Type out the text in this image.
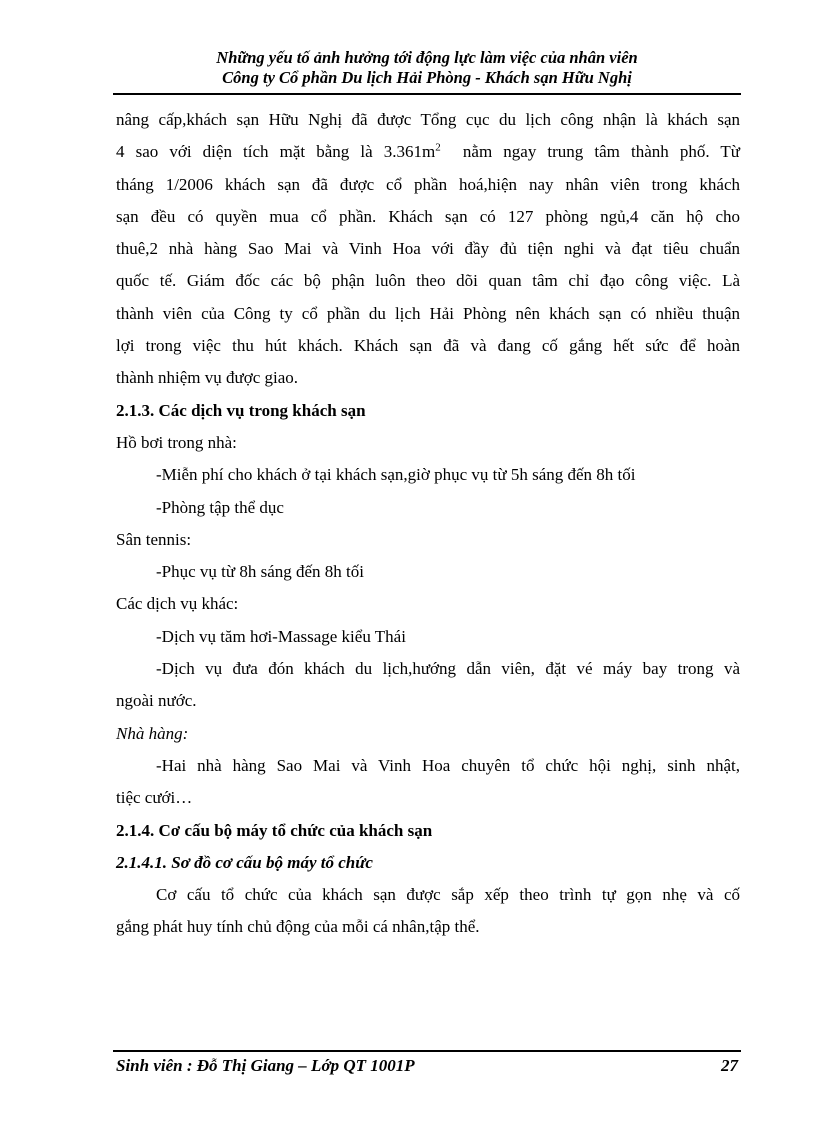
Những yếu tố ảnh hưởng tới động lực làm việc của nhân viên
Công ty Cổ phần Du lịch Hải Phòng - Khách sạn Hữu Nghị
nâng cấp,khách sạn Hữu Nghị đã được Tổng cục du lịch công nhận là khách sạn
4 sao với diện tích mặt bằng là $3.361m^2$ nằm ngay trung tâm thành phố. Từ
tháng 1/2006 khách sạn đã được cổ phần hoá,hiện nay nhân viên trong khách
sạn đều có quyền mua cổ phần. Khách sạn có 127 phòng ngủ,4 căn hộ cho
thuê,2 nhà hàng Sao Mai và Vinh Hoa với đầy đủ tiện nghi và đạt tiêu chuẩn
quốc tế. Giám đốc các bộ phận luôn theo dõi quan tâm chỉ đạo công việc. Là
thành viên của Công ty cổ phần du lịch Hải Phòng nên khách sạn có nhiều thuận
lợi trong việc thu hút khách. Khách sạn đã và đang cố gắng hết sức để hoàn
thành nhiệm vụ được giao.
2.1.3. Các dịch vụ trong khách sạn
Hồ bơi trong nhà:
-Miễn phí cho khách ở tại khách sạn,giờ phục vụ từ 5h sáng đến 8h tối
-Phòng tập thể dục
Sân tennis:
-Phục vụ từ 8h sáng đến 8h tối
Các dịch vụ khác:
-Dịch vụ tăm hơi-Massage kiểu Thái
-Dịch vụ đưa đón khách du lịch,hướng dẫn viên, đặt vé máy bay trong và
ngoài nước.
Nhà hàng:
-Hai nhà hàng Sao Mai và Vinh Hoa chuyên tổ chức hội nghị, sinh nhật,
tiệc cưới…
2.1.4. Cơ cấu bộ máy tổ chức của khách sạn
2.1.4.1. Sơ đồ cơ cấu bộ máy tổ chức
Cơ cấu tổ chức của khách sạn được sắp xếp theo trình tự gọn nhẹ và cố
gắng phát huy tính chủ động của mỗi cá nhân,tập thể.
Sinh viên : Đỗ Thị Giang – Lớp QT 1001P	27
